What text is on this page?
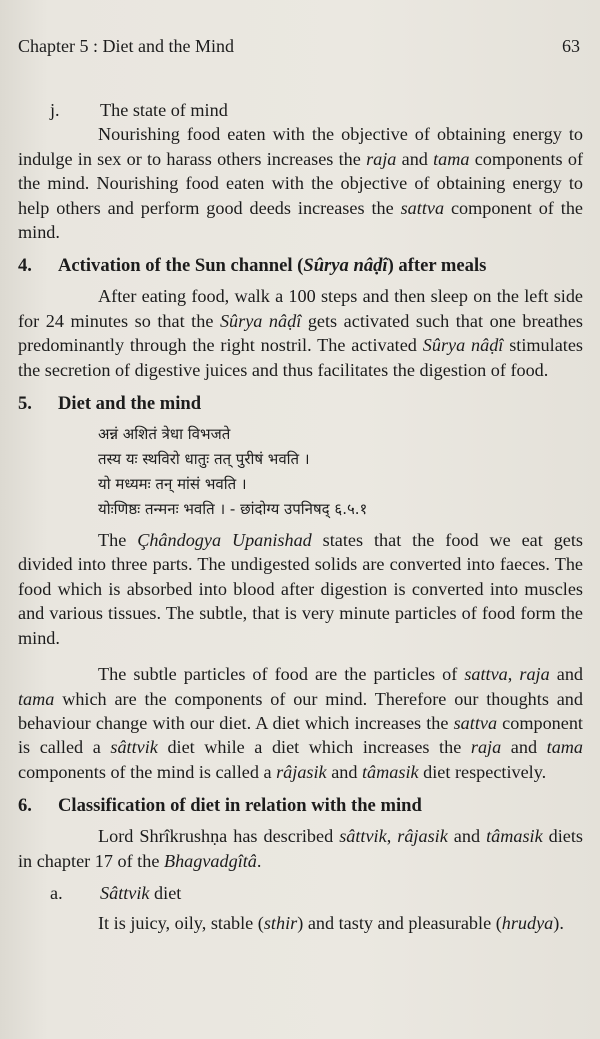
Chapter 5 : Diet and the Mind	63
j.	The state of mind

Nourishing food eaten with the objective of obtaining energy to indulge in sex or to harass others increases the raja and tama components of the mind. Nourishing food eaten with the objective of obtaining energy to help others and perform good deeds increases the sattva component of the mind.

4.	Activation of the Sun channel (Sûrya nâḍî) after meals

After eating food, walk a 100 steps and then sleep on the left side for 24 minutes so that the Sûrya nâḍî gets activated such that one breathes predominantly through the right nostril. The activated Sûrya nâḍî stimulates the secretion of digestive juices and thus facilitates the digestion of food.

5.	Diet and the mind
अन्नं अशितं त्रेधा विभजते
तस्य यः स्थविरो धातुः तत् पुरीषं भवति ।
यो मध्यमः तन् मांसं भवति ।
योःणिष्ठः तन्मनः भवति । - छांदोग्य उपनिषद् ६.५.१

The Çhândogya Upanishad states that the food we eat gets divided into three parts. The undigested solids are converted into faeces. The food which is absorbed into blood after digestion is converted into muscles and various tissues. The subtle, that is very minute particles of food form the mind.

The subtle particles of food are the particles of sattva, raja and tama which are the components of our mind. Therefore our thoughts and behaviour change with our diet. A diet which increases the sattva component is called a sâttvik diet while a diet which increases the raja and tama components of the mind is called a râjasik and tâmasik diet respectively.

6.	Classification of diet in relation with the mind

Lord Shrîkrushṇa has described sâttvik, râjasik and tâmasik diets in chapter 17 of the Bhagvadgîtâ.

a.	Sâttvik diet

It is juicy, oily, stable (sthir) and tasty and pleasurable (hrudya).
